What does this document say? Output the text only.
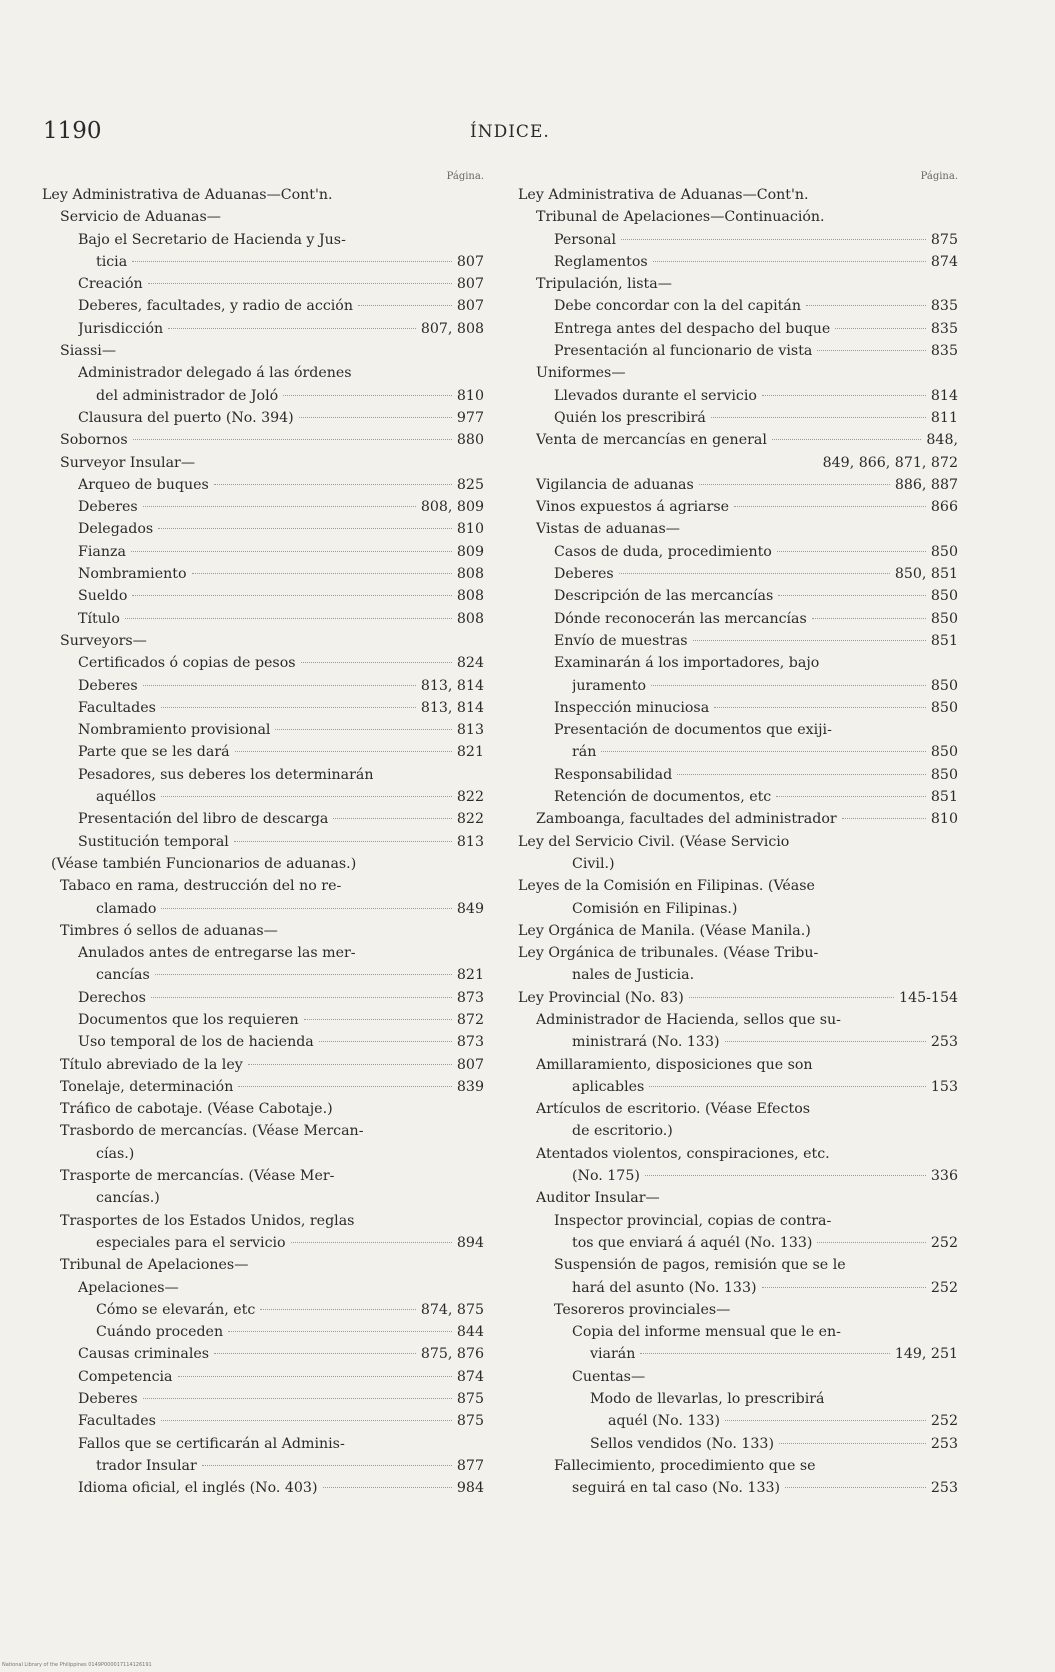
1190	ÍNDICE.
Página.
Ley Administrativa de Aduanas—Cont'n.
Servicio de Aduanas—
Bajo el Secretario de Hacienda y Jus-
ticia	807
Creación	807
Deberes, facultades, y radio de acción	807
Jurisdicción	807, 808
Siassi—
Administrador delegado á las órdenes
del administrador de Joló	810
Clausura del puerto (No. 394)	977
Sobornos	880
Surveyor Insular—
Arqueo de buques	825
Deberes	808, 809
Delegados	810
Fianza	809
Nombramiento	808
Sueldo	808
Título	808
Surveyors—
Certificados ó copias de pesos	824
Deberes	813, 814
Facultades	813, 814
Nombramiento provisional	813
Parte que se les dará	821
Pesadores, sus deberes los determinarán
aquéllos	822
Presentación del libro de descarga	822
Sustitución temporal	813
(Véase también Funcionarios de aduanas.)
Tabaco en rama, destrucción del no re-
clamado	849
Timbres ó sellos de aduanas—
Anulados antes de entregarse las mer-
cancías	821
Derechos	873
Documentos que los requieren	872
Uso temporal de los de hacienda	873
Título abreviado de la ley	807
Tonelaje, determinación	839
Tráfico de cabotaje. (Véase Cabotaje.)
Trasbordo de mercancías. (Véase Mercan-
cías.)
Trasporte de mercancías. (Véase Mer-
cancías.)
Trasportes de los Estados Unidos, reglas
especiales para el servicio	894
Tribunal de Apelaciones—
Apelaciones—
Cómo se elevarán, etc	874, 875
Cuándo proceden	844
Causas criminales	875, 876
Competencia	874
Deberes	875
Facultades	875
Fallos que se certificarán al Adminis-
trador Insular	877
Idioma oficial, el inglés (No. 403)	984
Página.
Ley Administrativa de Aduanas—Cont'n.
Tribunal de Apelaciones—Continuación.
Personal	875
Reglamentos	874
Tripulación, lista—
Debe concordar con la del capitán	835
Entrega antes del despacho del buque	835
Presentación al funcionario de vista	835
Uniformes—
Llevados durante el servicio	814
Quién los prescribirá	811
Venta de mercancías en general	848,
849, 866, 871, 872
Vigilancia de aduanas	886, 887
Vinos expuestos á agriarse	866
Vistas de aduanas—
Casos de duda, procedimiento	850
Deberes	850, 851
Descripción de las mercancías	850
Dónde reconocerán las mercancías	850
Envío de muestras	851
Examinarán á los importadores, bajo
juramento	850
Inspección minuciosa	850
Presentación de documentos que exiji-
rán	850
Responsabilidad	850
Retención de documentos, etc	851
Zamboanga, facultades del administrador	810
Ley del Servicio Civil. (Véase Servicio
Civil.)
Leyes de la Comisión en Filipinas. (Véase
Comisión en Filipinas.)
Ley Orgánica de Manila. (Véase Manila.)
Ley Orgánica de tribunales. (Véase Tribu-
nales de Justicia.
Ley Provincial (No. 83)	145-154
Administrador de Hacienda, sellos que su-
ministrará (No. 133)	253
Amillaramiento, disposiciones que son
aplicables	153
Artículos de escritorio. (Véase Efectos
de escritorio.)
Atentados violentos, conspiraciones, etc.
(No. 175)	336
Auditor Insular—
Inspector provincial, copias de contra-
tos que enviará á aquél (No. 133)	252
Suspensión de pagos, remisión que se le
hará del asunto (No. 133)	252
Tesoreros provinciales—
Copia del informe mensual que le en-
viarán	149, 251
Cuentas—
Modo de llevarlas, lo prescribirá
aquél (No. 133)	252
Sellos vendidos (No. 133)	253
Fallecimiento, procedimiento que se
seguirá en tal caso (No. 133)	253
National Library of the Philippines 0149P000017114126191
